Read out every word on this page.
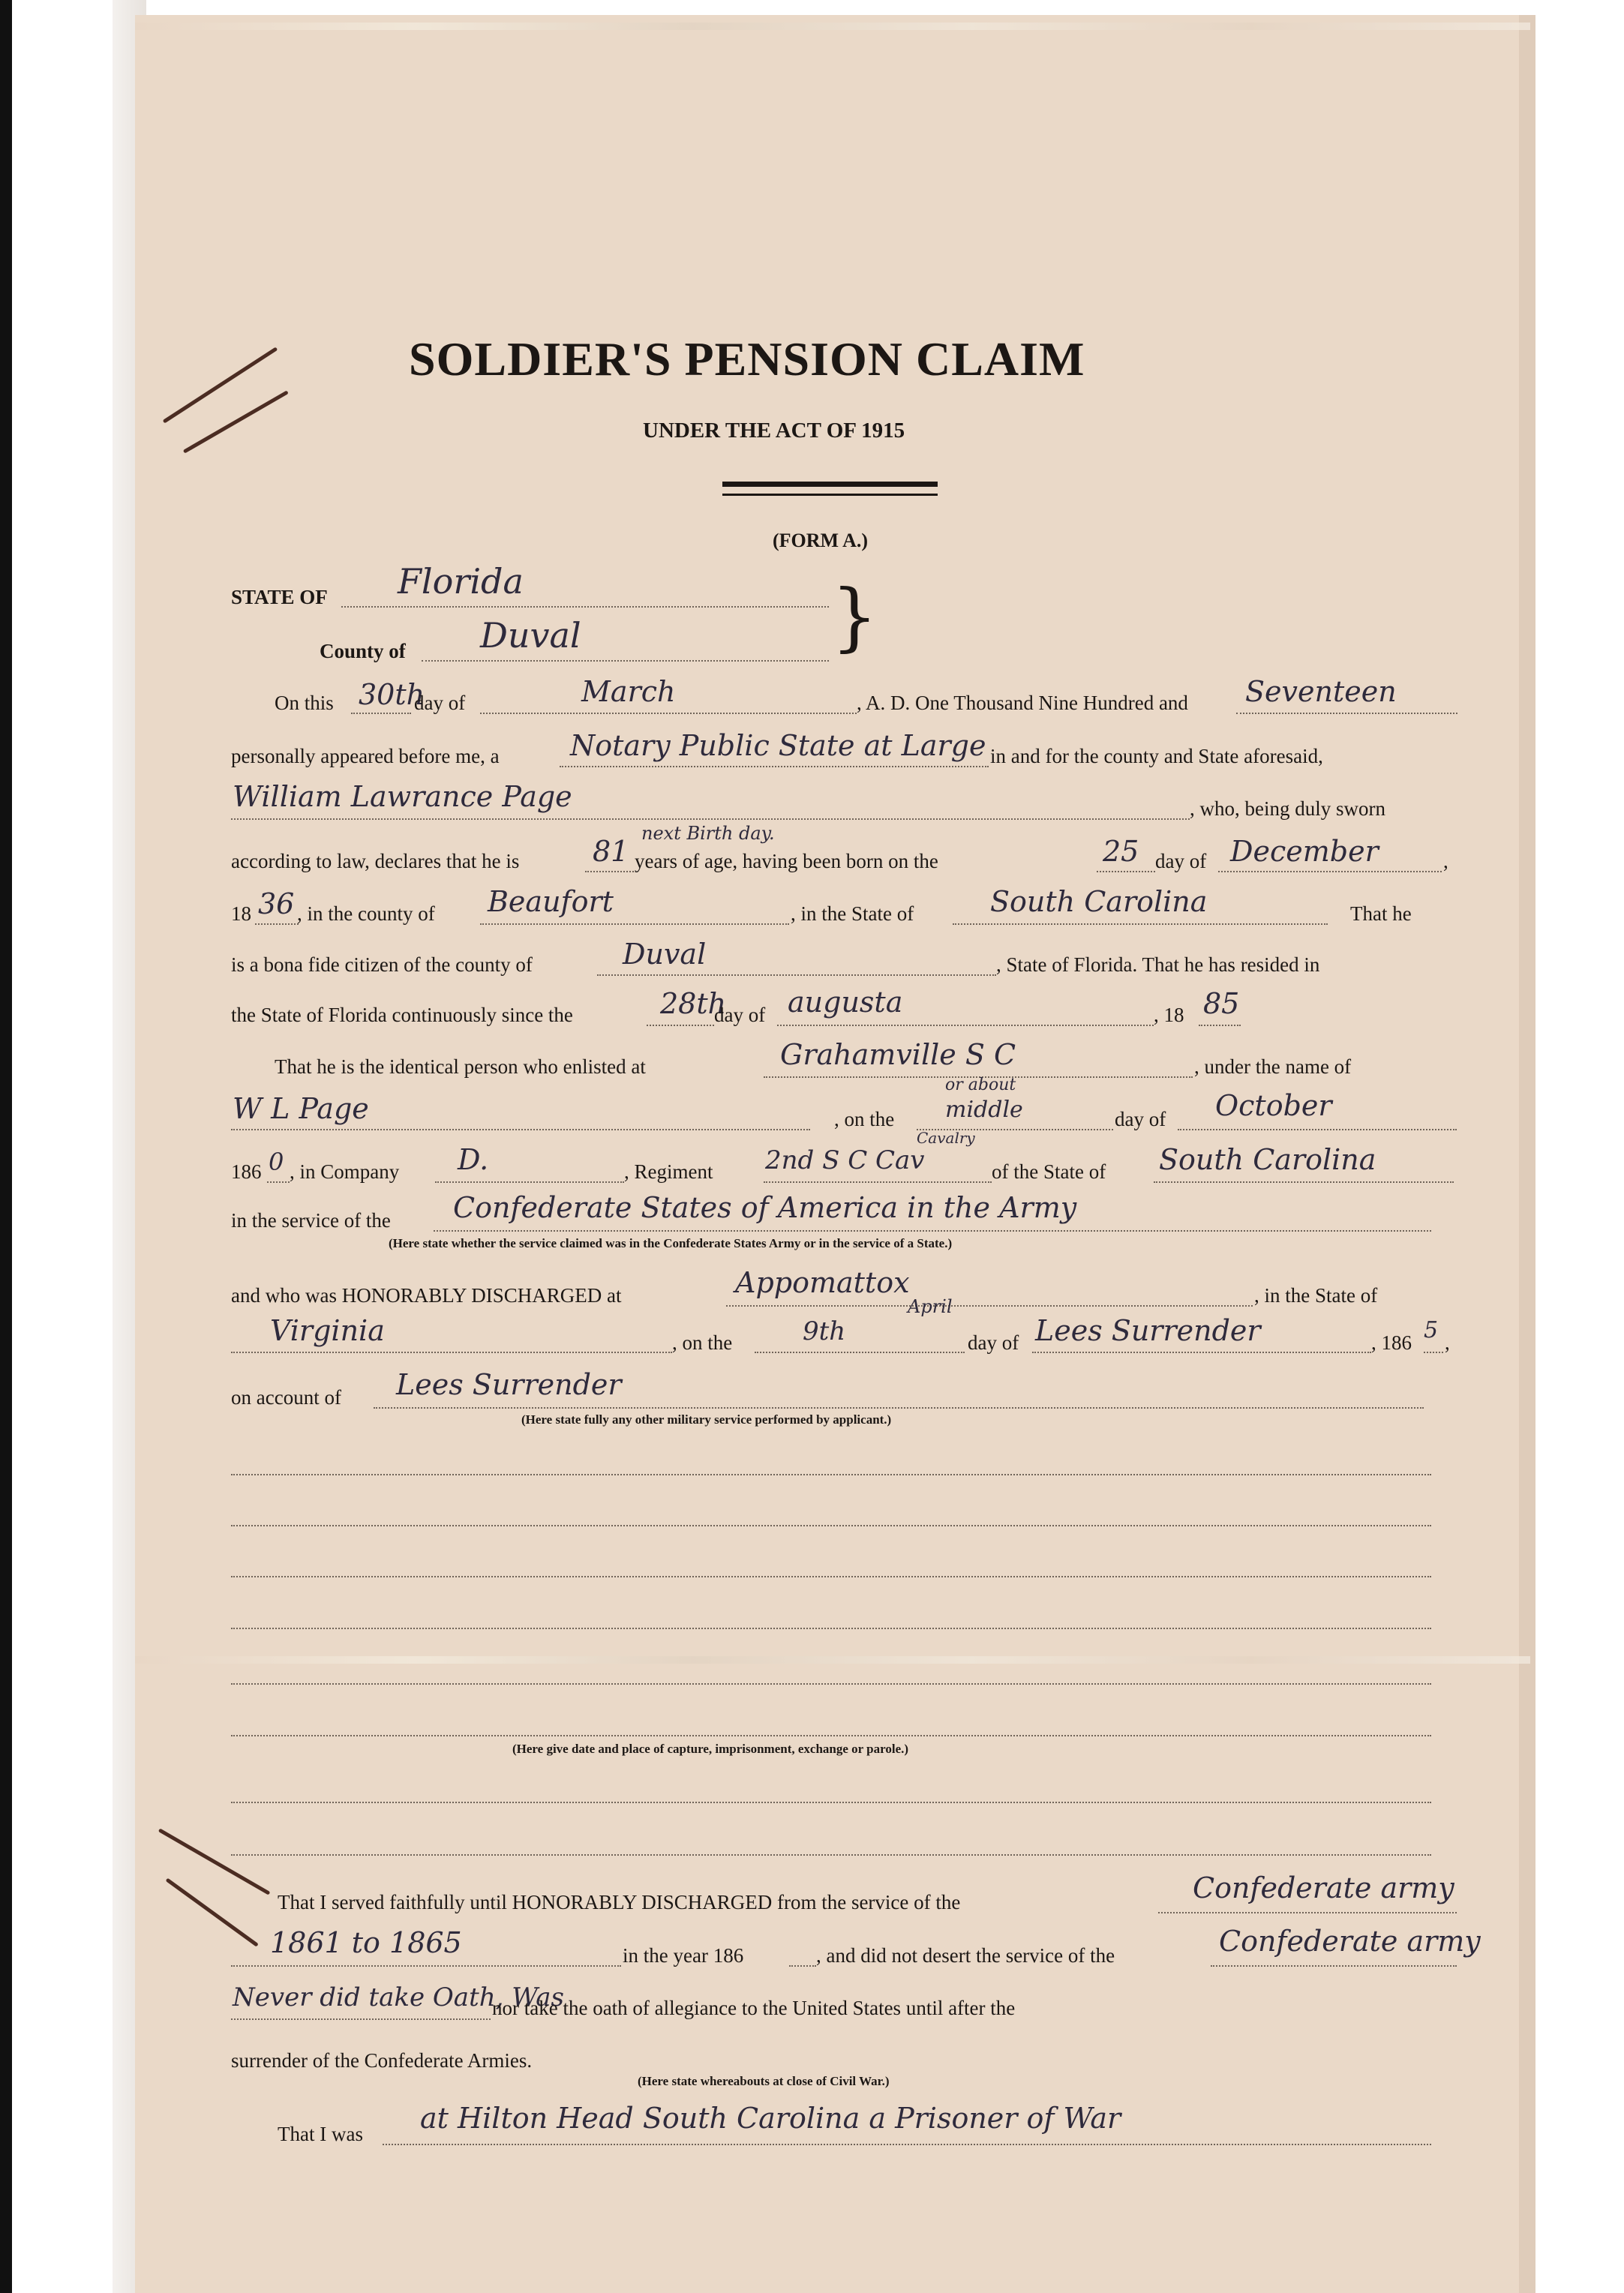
SOLDIER'S PENSION CLAIM
UNDER THE ACT OF 1915
(FORM A.)
STATE OF Florida
County of Duval	}
On this 30th
day of	March	, A. D. One Thousand Nine Hundred and Seventeen
personally appeared before me, a Notary Public State at Large in and for the county and State aforesaid,
William Lawrance Page	, who, being duly sworn
according to law, declares that he is	81
next Birth day.
years of age, having been born on the	25 day of December	,
18 36 , in the county of Beaufort	, in the State of	South Carolina	That he
is a bona fide citizen of the county of	Duval	, State of Florida. That he has resided in
the State of Florida continuously since the	28th
day of augusta	, 18 85
That he is the identical person who enlisted at	Grahamville S C	, under the name of
W L Page	, on the middle
or about
day of October
186 0 , in Company D.	, Regiment 2nd S C Cav
Cavalry
of the State of South Carolina
in the service of the Confederate States of America in the Army
(Here state whether the service claimed was in the Confederate States Army or in the service of a State.)
and who was HONORABLY DISCHARGED at	Appomattox	, in the State of
Virginia	, on the	9th
April
day of Lees Surrender	, 186 5 ,
on account of Lees Surrender
(Here state fully any other military service performed by applicant.)
(Here give date and place of capture, imprisonment, exchange or parole.)
That I served faithfully until HONORABLY DISCHARGED from the service of the	Confederate army
1861 to 1865	in the year 186	, and did not desert the service of the	Confederate army
Never did take Oath, Was
nor take the oath of allegiance to the United States until after the
surrender of the Confederate Armies.
(Here state whereabouts at close of Civil War.)
That I was at Hilton Head South Carolina a Prisoner of War
